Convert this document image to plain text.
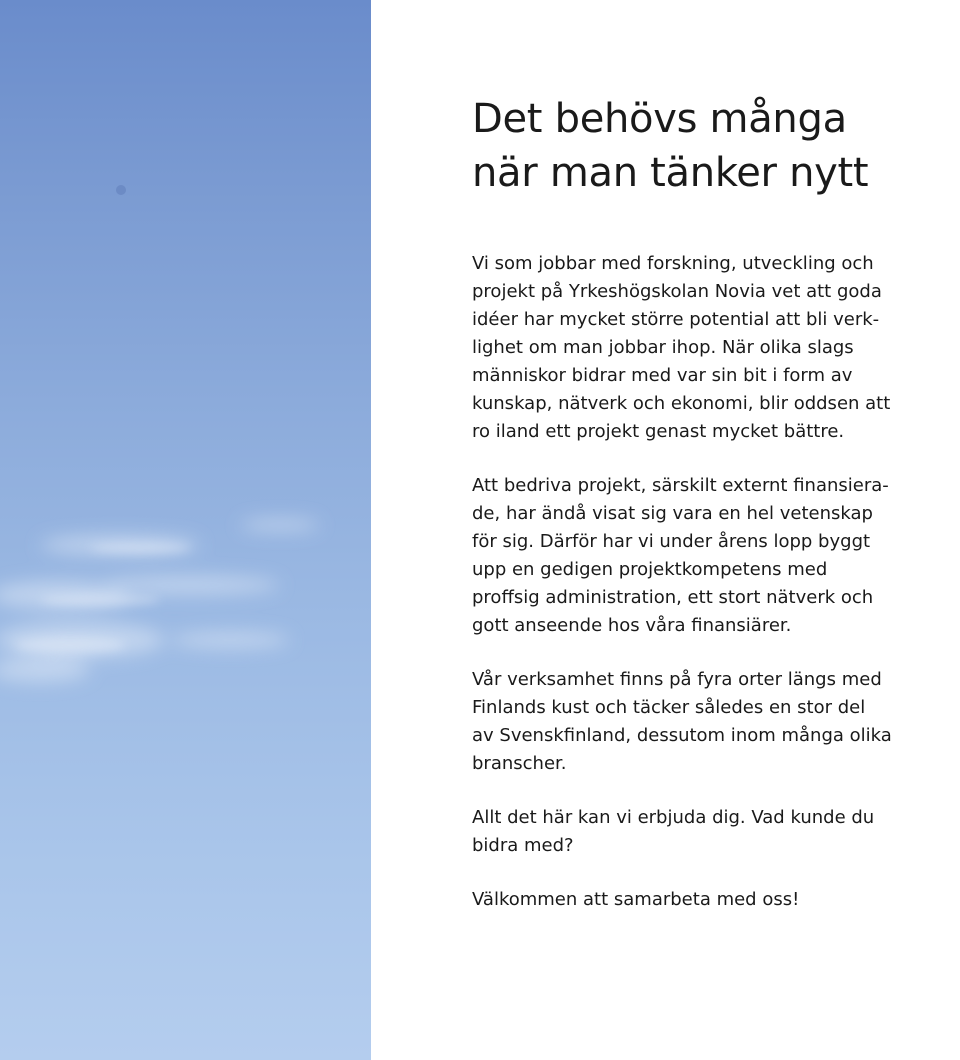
Det behövs många
när man tänker nytt

Vi som jobbar med forskning, utveckling och
projekt på Yrkeshögskolan Novia vet att goda
idéer har mycket större potential att bli verk-
lighet om man jobbar ihop. När olika slags
människor bidrar med var sin bit i form av
kunskap, nätverk och ekonomi, blir oddsen att
ro iland ett projekt genast mycket bättre.

Att bedriva projekt, särskilt externt finansiera-
de, har ändå visat sig vara en hel vetenskap
för sig. Därför har vi under årens lopp byggt
upp en gedigen projektkompetens med
proffsig administration, ett stort nätverk och
gott anseende hos våra finansiärer.

Vår verksamhet finns på fyra orter längs med
Finlands kust och täcker således en stor del
av Svenskfinland, dessutom inom många olika
branscher.

Allt det här kan vi erbjuda dig. Vad kunde du
bidra med?

Välkommen att samarbeta med oss!
